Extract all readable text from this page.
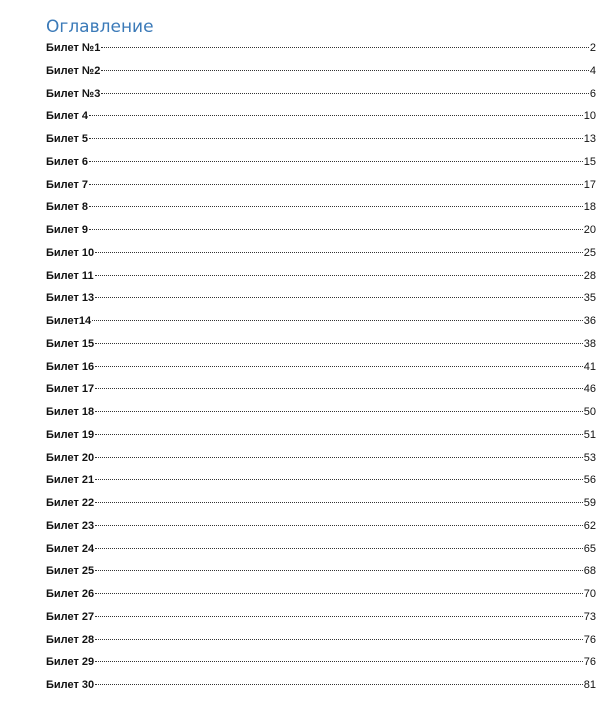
Оглавление
Билет №1	2
Билет №2	4
Билет №3	6
Билет 4	10
Билет 5	13
Билет 6	15
Билет 7	17
Билет 8	18
Билет 9	20
Билет 10	25
Билет 11	28
Билет 13	35
Билет14	36
Билет 15	38
Билет 16	41
Билет 17	46
Билет 18	50
Билет 19	51
Билет 20	53
Билет 21	56
Билет 22	59
Билет 23	62
Билет 24	65
Билет 25	68
Билет 26	70
Билет 27	73
Билет 28	76
Билет 29	76
Билет 30	81
